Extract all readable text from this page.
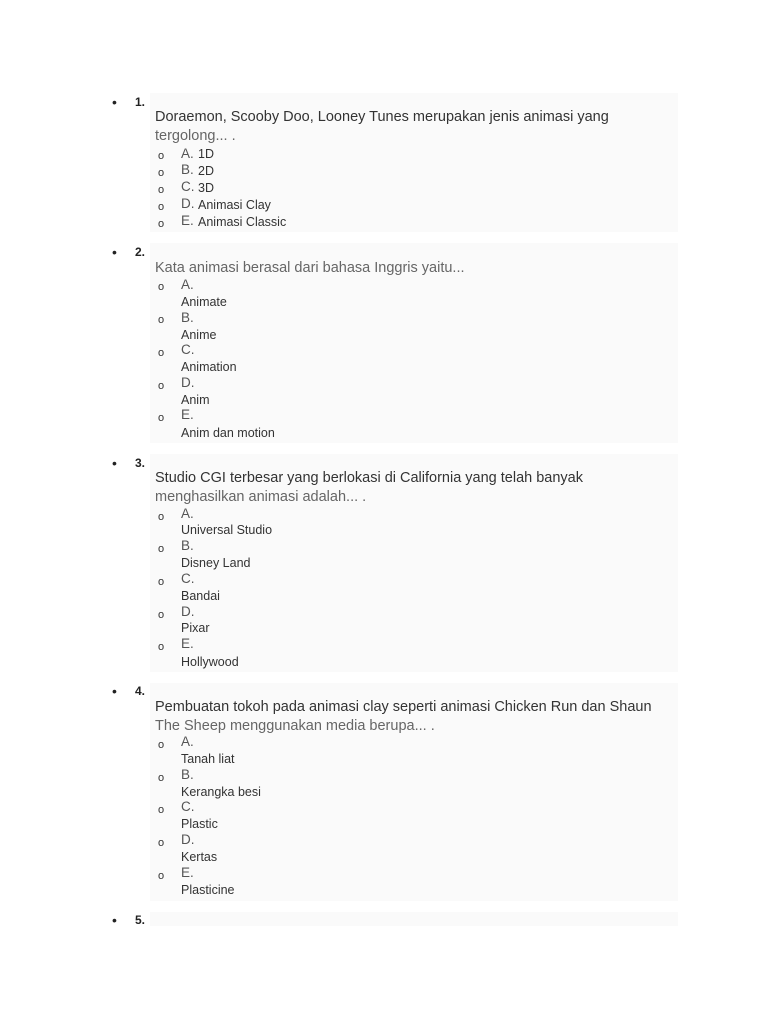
• 1.
Doraemon, Scooby Doo, Looney Tunes merupakan jenis animasi yang
tergolong... .
o A. 1D
o B. 2D
o C. 3D
o D. Animasi Clay
o E. Animasi Classic
• 2.
Kata animasi berasal dari bahasa Inggris yaitu...
o A.
Animate
o B.
Anime
o C.
Animation
o D.
Anim
o E.
Anim dan motion
• 3.
Studio CGI terbesar yang berlokasi di California yang telah banyak
menghasilkan animasi adalah... .
o A.
Universal Studio
o B.
Disney Land
o C.
Bandai
o D.
Pixar
o E.
Hollywood
• 4.
Pembuatan tokoh pada animasi clay seperti animasi Chicken Run dan Shaun
The Sheep menggunakan media berupa... .
o A.
Tanah liat
o B.
Kerangka besi
o C.
Plastic
o D.
Kertas
o E.
Plasticine
• 5.
